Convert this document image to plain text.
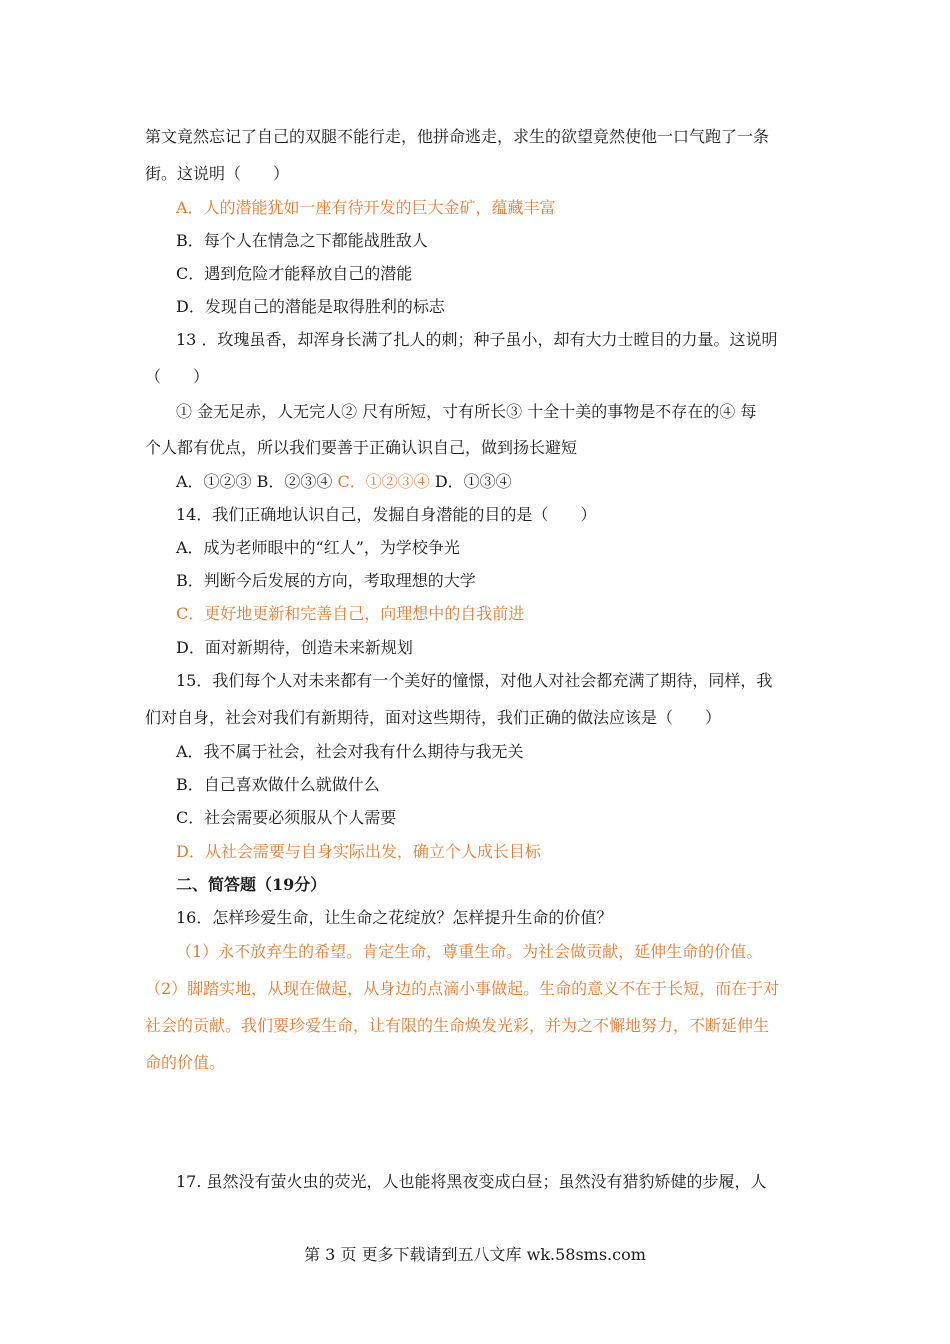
第文竟然忘记了自己的双腿不能行走，他拼命逃走，求生的欲望竟然使他一口气跑了一条
街。这说明（　　）
A．人的潜能犹如一座有待开发的巨大金矿，蕴藏丰富
B．每个人在情急之下都能战胜敌人
C．遇到危险才能释放自己的潜能
D．发现自己的潜能是取得胜利的标志
13 ．玫瑰虽香，却浑身长满了扎人的刺；种子虽小，却有大力士瞠目的力量。这说明
（　　）
① 金无足赤，人无完人② 尺有所短，寸有所长③ 十全十美的事物是不存在的④ 每
个人都有优点，所以我们要善于正确认识自己，做到扬长避短
A．①②③ B．②③④ C．①②③④ D．①③④
14．我们正确地认识自己，发掘自身潜能的目的是（　　）
A．成为老师眼中的“红人”，为学校争光
B．判断今后发展的方向，考取理想的大学
C．更好地更新和完善自己，向理想中的自我前进
D．面对新期待，创造未来新规划
15．我们每个人对未来都有一个美好的憧憬，对他人对社会都充满了期待，同样，我
们对自身，社会对我们有新期待，面对这些期待，我们正确的做法应该是（　　）
A．我不属于社会，社会对我有什么期待与我无关
B．自己喜欢做什么就做什么
C．社会需要必须服从个人需要
D．从社会需要与自身实际出发，确立个人成长目标
二、简答题（19分）
16．怎样珍爱生命，让生命之花绽放？怎样提升生命的价值？
（1）永不放弃生的希望。肯定生命，尊重生命。为社会做贡献，延伸生命的价值。
（2）脚踏实地，从现在做起，从身边的点滴小事做起。生命的意义不在于长短，而在于对
社会的贡献。我们要珍爱生命，让有限的生命焕发光彩，并为之不懈地努力，不断延伸生
命的价值。
17. 虽然没有萤火虫的荧光，人也能将黑夜变成白昼；虽然没有猎豹矫健的步履，人
第 3 页 更多下载请到五八文库 wk.58sms.com
